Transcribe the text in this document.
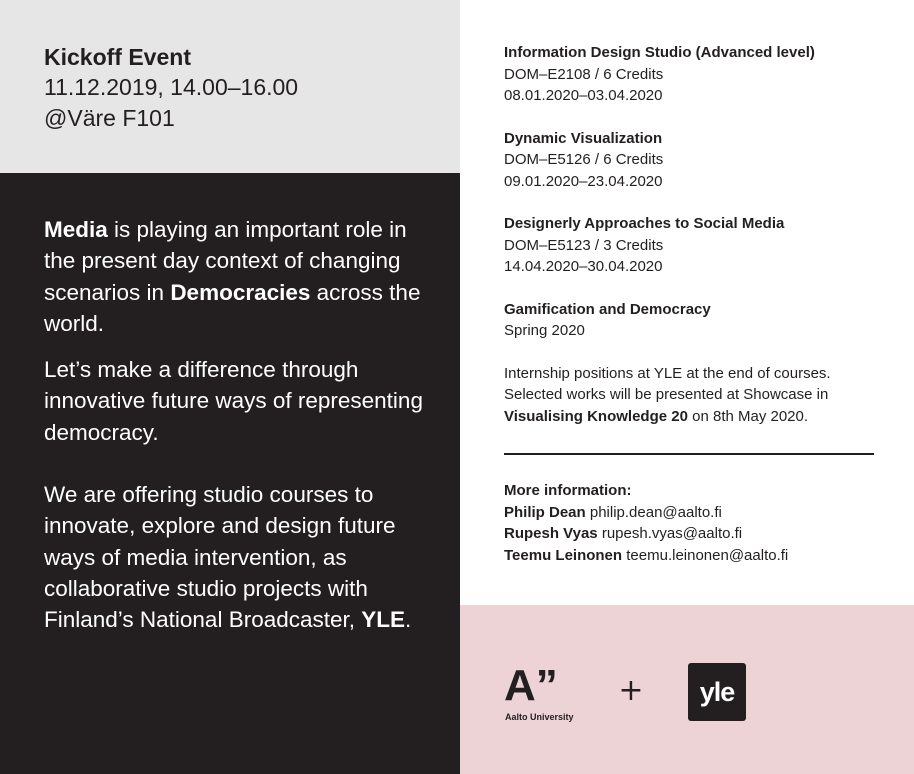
Kickoff Event
11.12.2019, 14.00–16.00
@Väre F101

Media is playing an important role in the present day context of changing scenarios in Democracies across the world.

Let’s make a difference through innovative future ways of representing democracy.

We are offering studio courses to innovate, explore and design future ways of media intervention, as collaborative studio projects with Finland’s National Broadcaster, YLE.

Information Design Studio (Advanced level)
DOM–E2108 / 6 Credits
08.01.2020–03.04.2020
Dynamic Visualization
DOM–E5126 / 6 Credits
09.01.2020–23.04.2020
Designerly Approaches to Social Media
DOM–E5123 / 3 Credits
14.04.2020–30.04.2020
Gamification and Democracy
Spring 2020
Internship positions at YLE at the end of courses.
Selected works will be presented at Showcase in
Visualising Knowledge 20 on 8th May 2020.
More information:
Philip Dean philip.dean@aalto.fi
Rupesh Vyas rupesh.vyas@aalto.fi
Teemu Leinonen teemu.leinonen@aalto.fi
A”
Aalto University
+	yle
